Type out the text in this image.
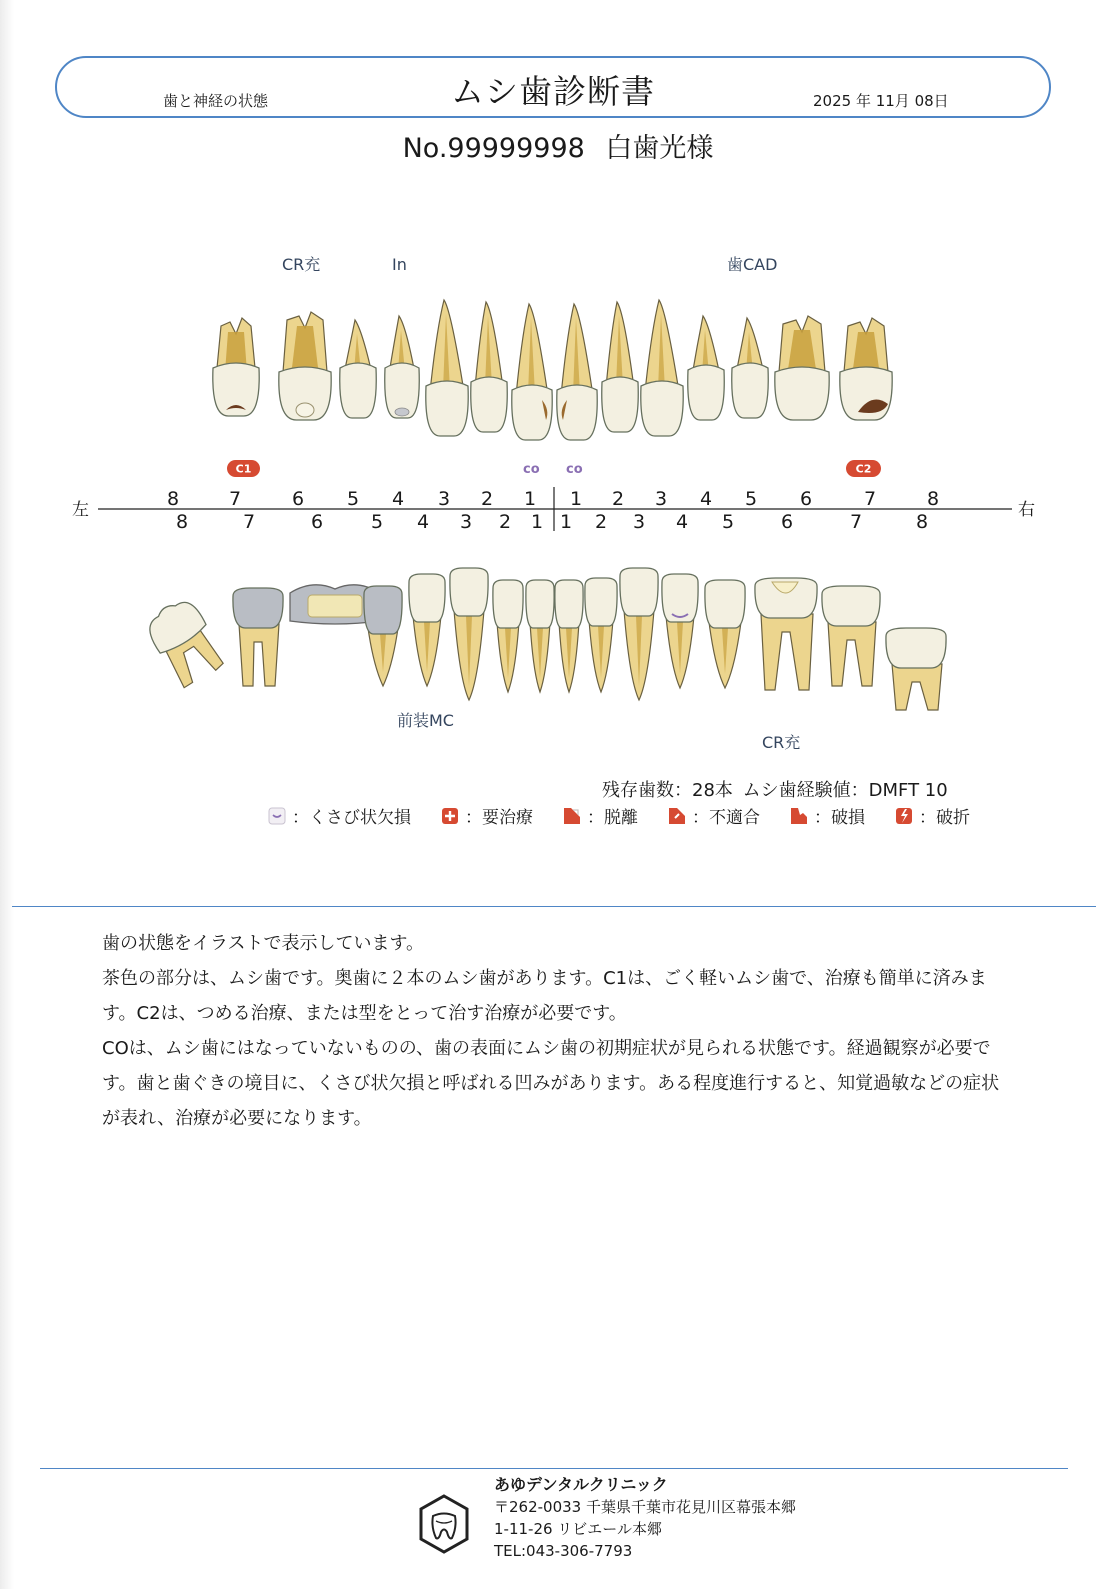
歯と神経の状態	ムシ歯診断書	2025 年 11月 08日
No.99999998 白歯光様
左	右
8	7	6 5 4 3 2 1 1 2 3 4 5 6	7	8
8	7	6	5 4 3 2 1 1 2 3 4 5 6	7	8
CR充	In	歯CAD
前装MC
CR充
C1	co co	C2
残存歯数：28本 ムシ歯経験値：DMFT 10
：くさび状欠損	：要治療	：脱離	：不適合	：破損	：破折

歯の状態をイラストで表示しています。

茶色の部分は、ムシ歯です。奥歯に２本のムシ歯があります。C1は、ごく軽いムシ歯で、治療も簡単に済みます。C2は、つめる治療、または型をとって治す治療が必要です。

COは、ムシ歯にはなっていないものの、歯の表面にムシ歯の初期症状が見られる状態です。経過観察が必要です。歯と歯ぐきの境目に、くさび状欠損と呼ばれる凹みがあります。ある程度進行すると、知覚過敏などの症状が表れ、治療が必要になります。

あゆデンタルクリニック
〒262-0033 千葉県千葉市花見川区幕張本郷
1-11-26 リビエール本郷
TEL:043-306-7793
